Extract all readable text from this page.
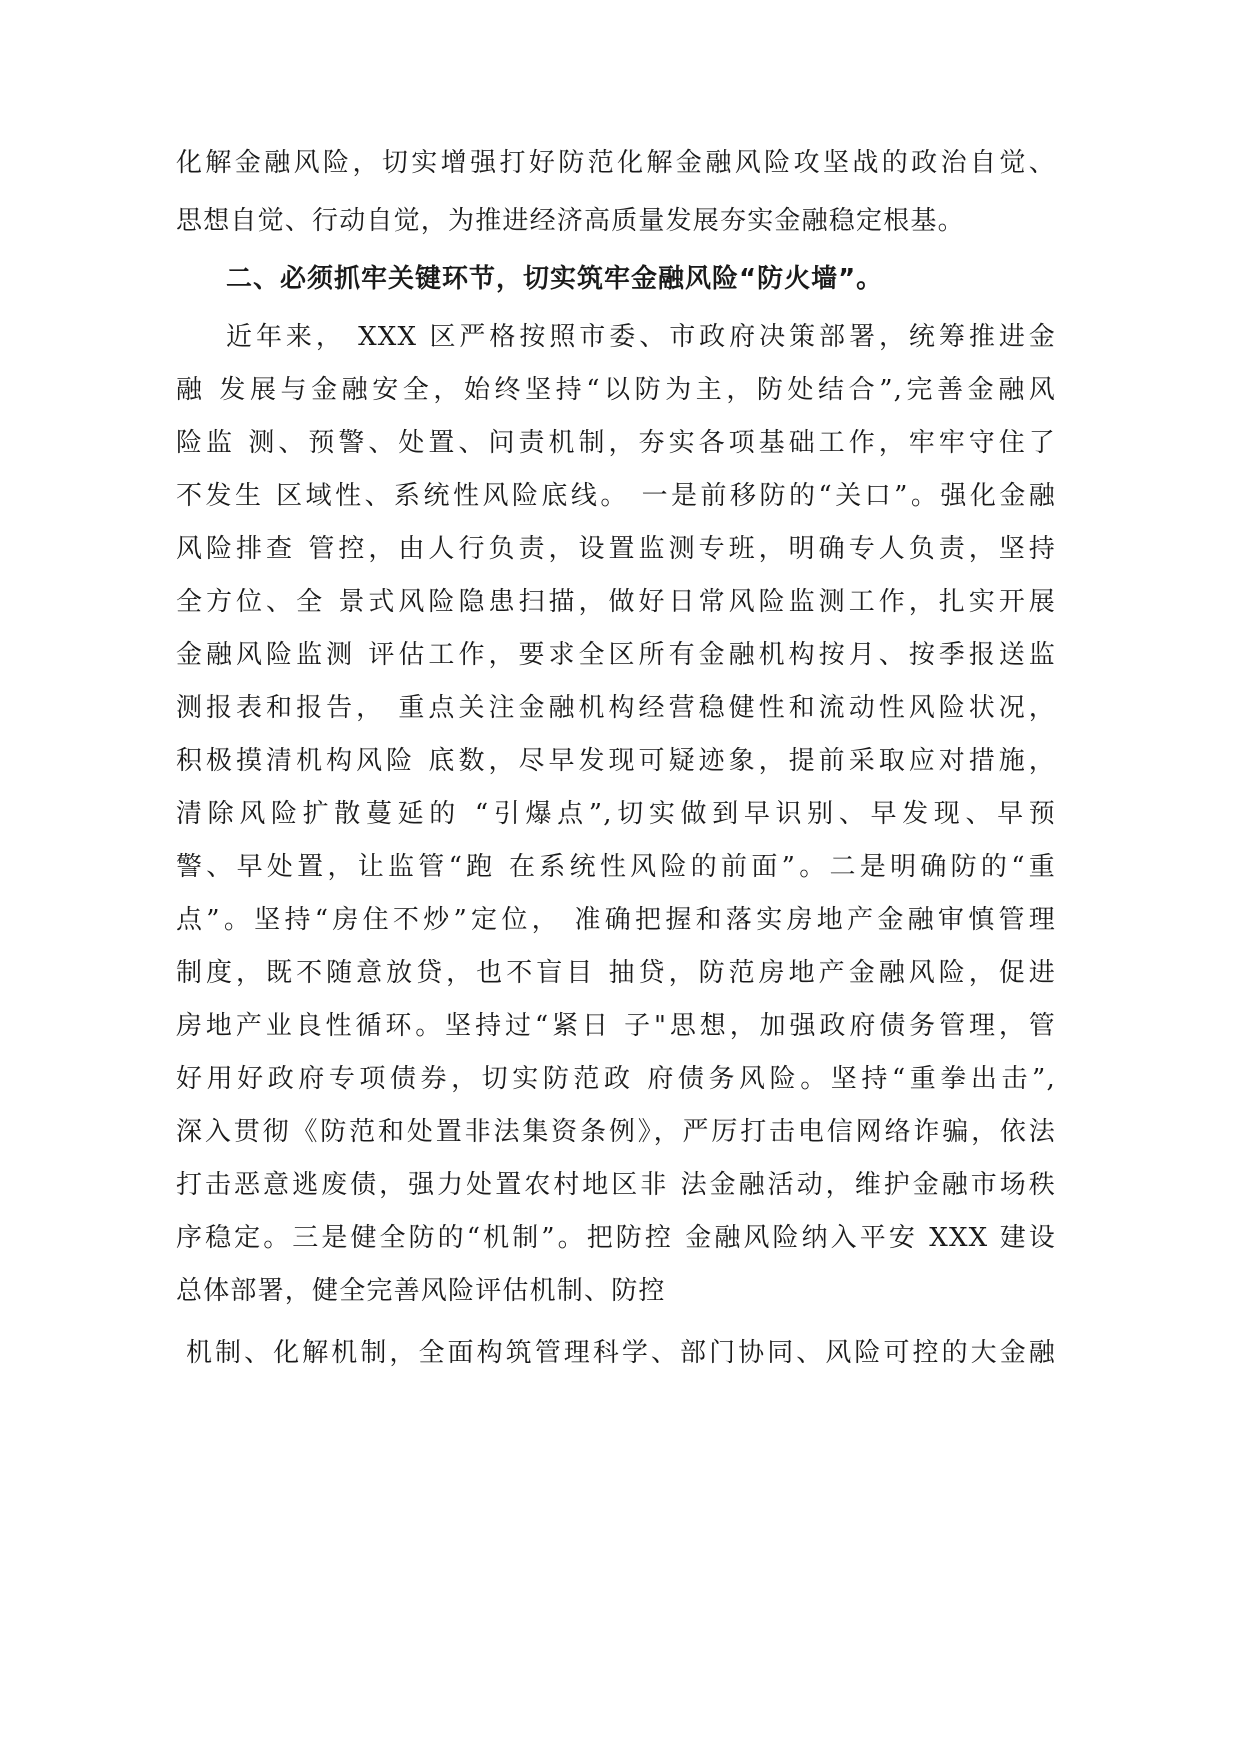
化解金融风险，切实增强打好防范化解金融风险攻坚战的政治自觉、
思想自觉、行动自觉，为推进经济高质量发展夯实金融稳定根基。
二、必须抓牢关键环节，切实筑牢金融风险“防火墙”。
近年来， XXX 区严格按照市委、市政府决策部署，统筹推进金
融 发展与金融安全，始终坚持“以防为主，防处结合”,完善金融风
险监 测、预警、处置、问责机制，夯实各项基础工作，牢牢守住了
不发生 区域性、系统性风险底线。 一是前移防的“关口”。强化金融
风险排查 管控，由人行负责，设置监测专班，明确专人负责，坚持
全方位、全 景式风险隐患扫描，做好日常风险监测工作，扎实开展
金融风险监测 评估工作，要求全区所有金融机构按月、按季报送监
测报表和报告， 重点关注金融机构经营稳健性和流动性风险状况，
积极摸清机构风险 底数，尽早发现可疑迹象，提前采取应对措施，
清除风险扩散蔓延的 “引爆点”,切实做到早识别、早发现、早预
警、早处置，让监管“跑 在系统性风险的前面”。二是明确防的“重
点”。坚持“房住不炒”定位， 准确把握和落实房地产金融审慎管理
制度，既不随意放贷，也不盲目 抽贷，防范房地产金融风险，促进
房地产业良性循环。坚持过“紧日 子"思想，加强政府债务管理，管
好用好政府专项债券，切实防范政 府债务风险。坚持“重拳出击”,
深入贯彻《防范和处置非法集资条例》，严厉打击电信网络诈骗，依法
打击恶意逃废债，强力处置农村地区非 法金融活动，维护金融市场秩
序稳定。三是健全防的“机制”。把防控 金融风险纳入平安 XXX 建设
总体部署，健全完善风险评估机制、防控
机制、化解机制，全面构筑管理科学、部门协同、风险可控的大金融
